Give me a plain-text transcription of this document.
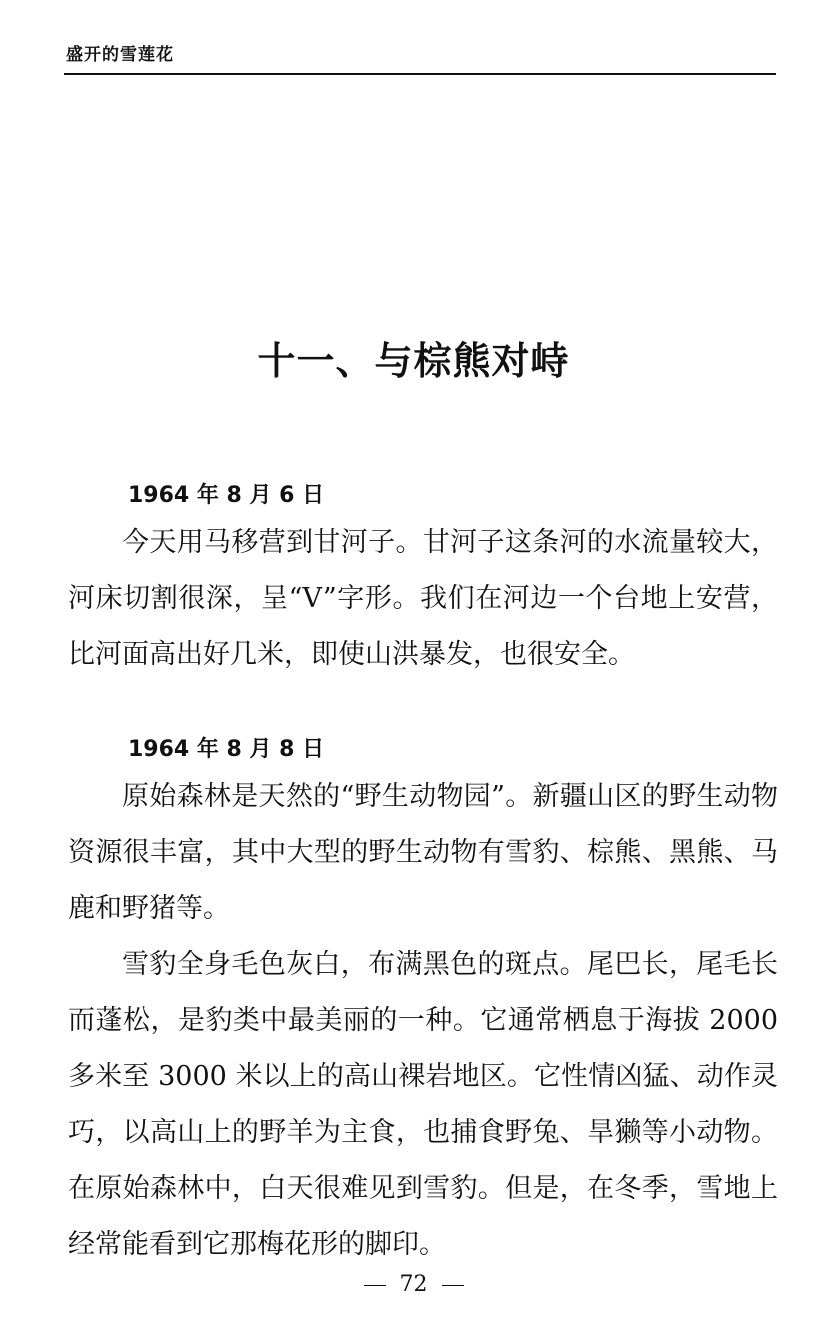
盛开的雪莲花
十一、与棕熊对峙
1964 年 8 月 6 日

今天用马移营到甘河子。甘河子这条河的水流量较大，河床切割很深，呈“V”字形。我们在河边一个台地上安营，比河面高出好几米，即使山洪暴发，也很安全。

1964 年 8 月 8 日

原始森林是天然的“野生动物园”。新疆山区的野生动物资源很丰富，其中大型的野生动物有雪豹、棕熊、黑熊、马鹿和野猪等。

雪豹全身毛色灰白，布满黑色的斑点。尾巴长，尾毛长而蓬松，是豹类中最美丽的一种。它通常栖息于海拔 2000 多米至 3000 米以上的高山裸岩地区。它性情凶猛、动作灵巧，以高山上的野羊为主食，也捕食野兔、旱獭等小动物。在原始森林中，白天很难见到雪豹。但是，在冬季，雪地上经常能看到它那梅花形的脚印。

72
